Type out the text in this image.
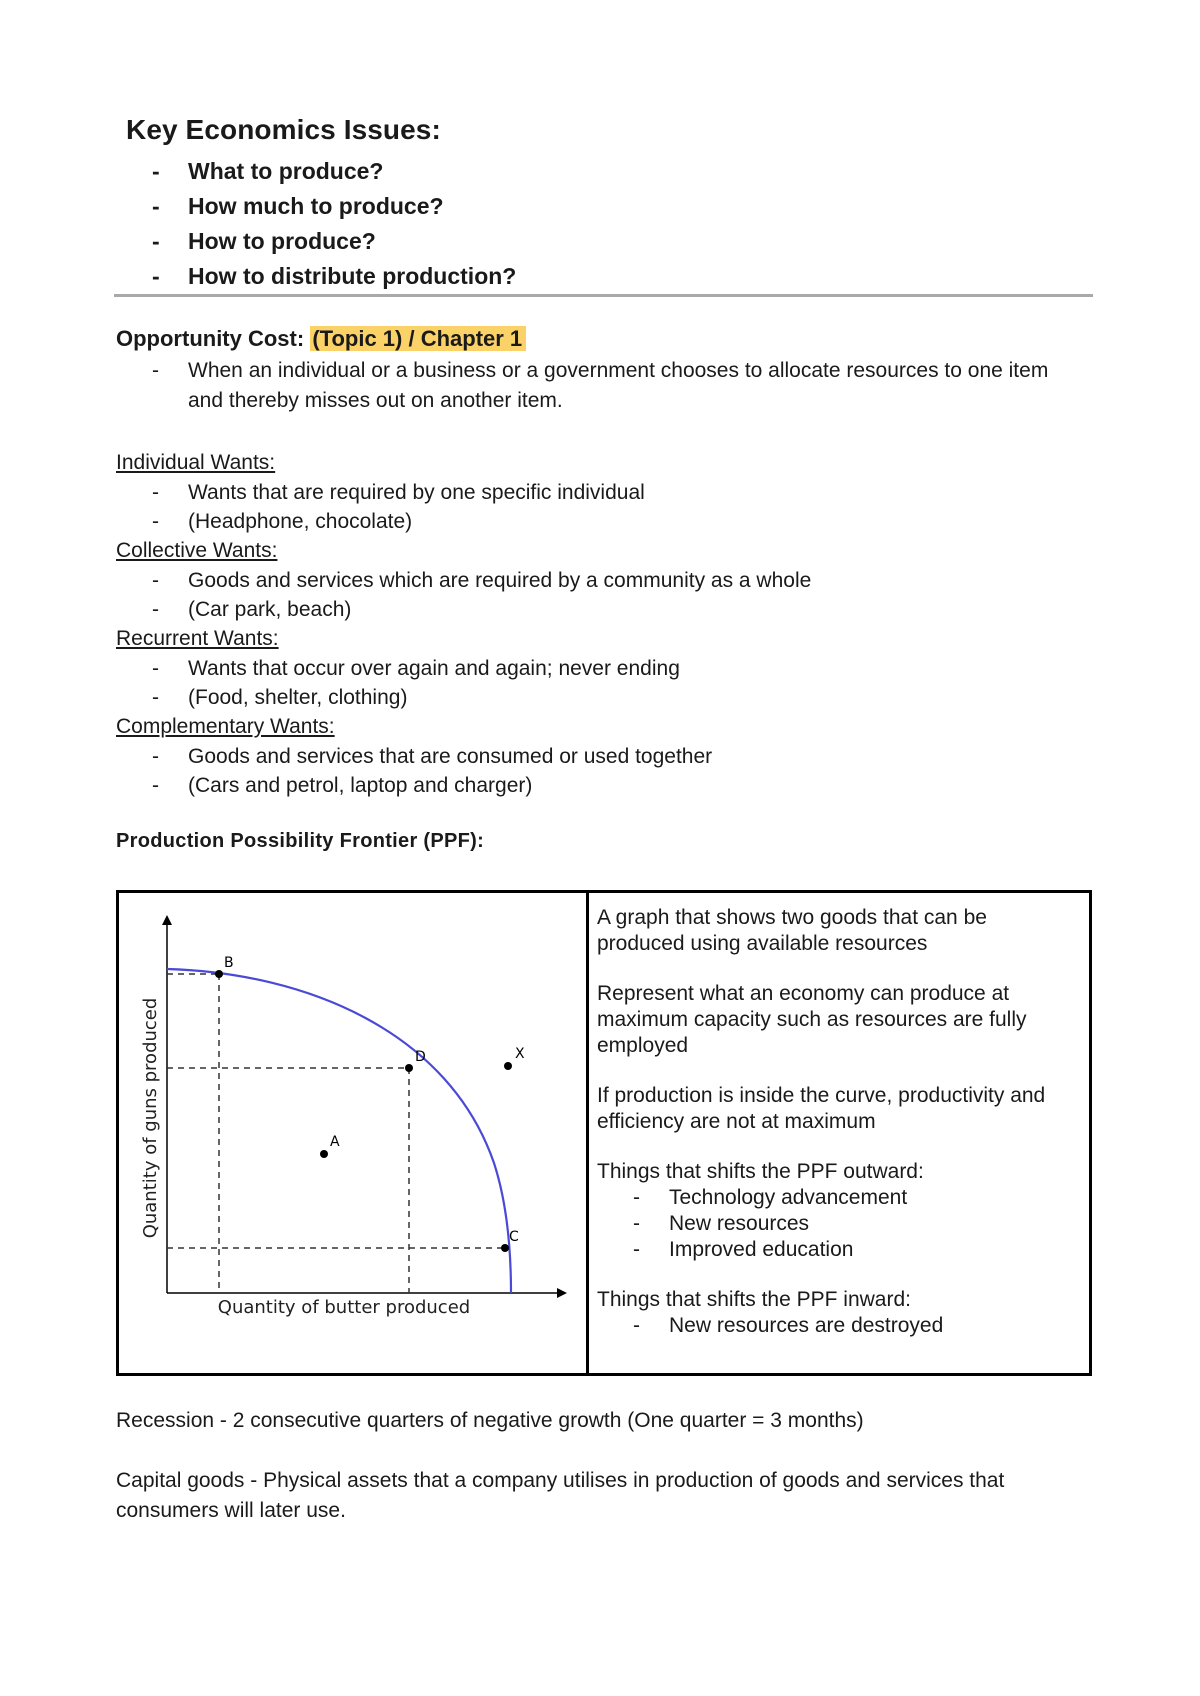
Key Economics Issues:
- What to produce?
- How much to produce?
- How to produce?
- How to distribute production?
Opportunity Cost: (Topic 1) / Chapter 1
- When an individual or a business or a government chooses to allocate resources to one item and thereby misses out on another item.
Individual Wants:
- Wants that are required by one specific individual
- (Headphone, chocolate)
Collective Wants:
- Goods and services which are required by a community as a whole
- (Car park, beach)
Recurrent Wants:
- Wants that occur over again and again; never ending
- (Food, shelter, clothing)
Complementary Wants:
- Goods and services that are consumed or used together
- (Cars and petrol, laptop and charger)
Production Possibility Frontier (PPF):
B
D	X
A
C
Quantity of guns produced
Quantity of butter produced

A graph that shows two goods that can be produced using available resources

Represent what an economy can produce at maximum capacity such as resources are fully employed

If production is inside the curve, productivity and efficiency are not at maximum

Things that shifts the PPF outward:

- Technology advancement
- New resources
- Improved education

Things that shifts the PPF inward:

- New resources are destroyed
Recession - 2 consecutive quarters of negative growth (One quarter = 3 months)
Capital goods - Physical assets that a company utilises in production of goods and services that consumers will later use.
